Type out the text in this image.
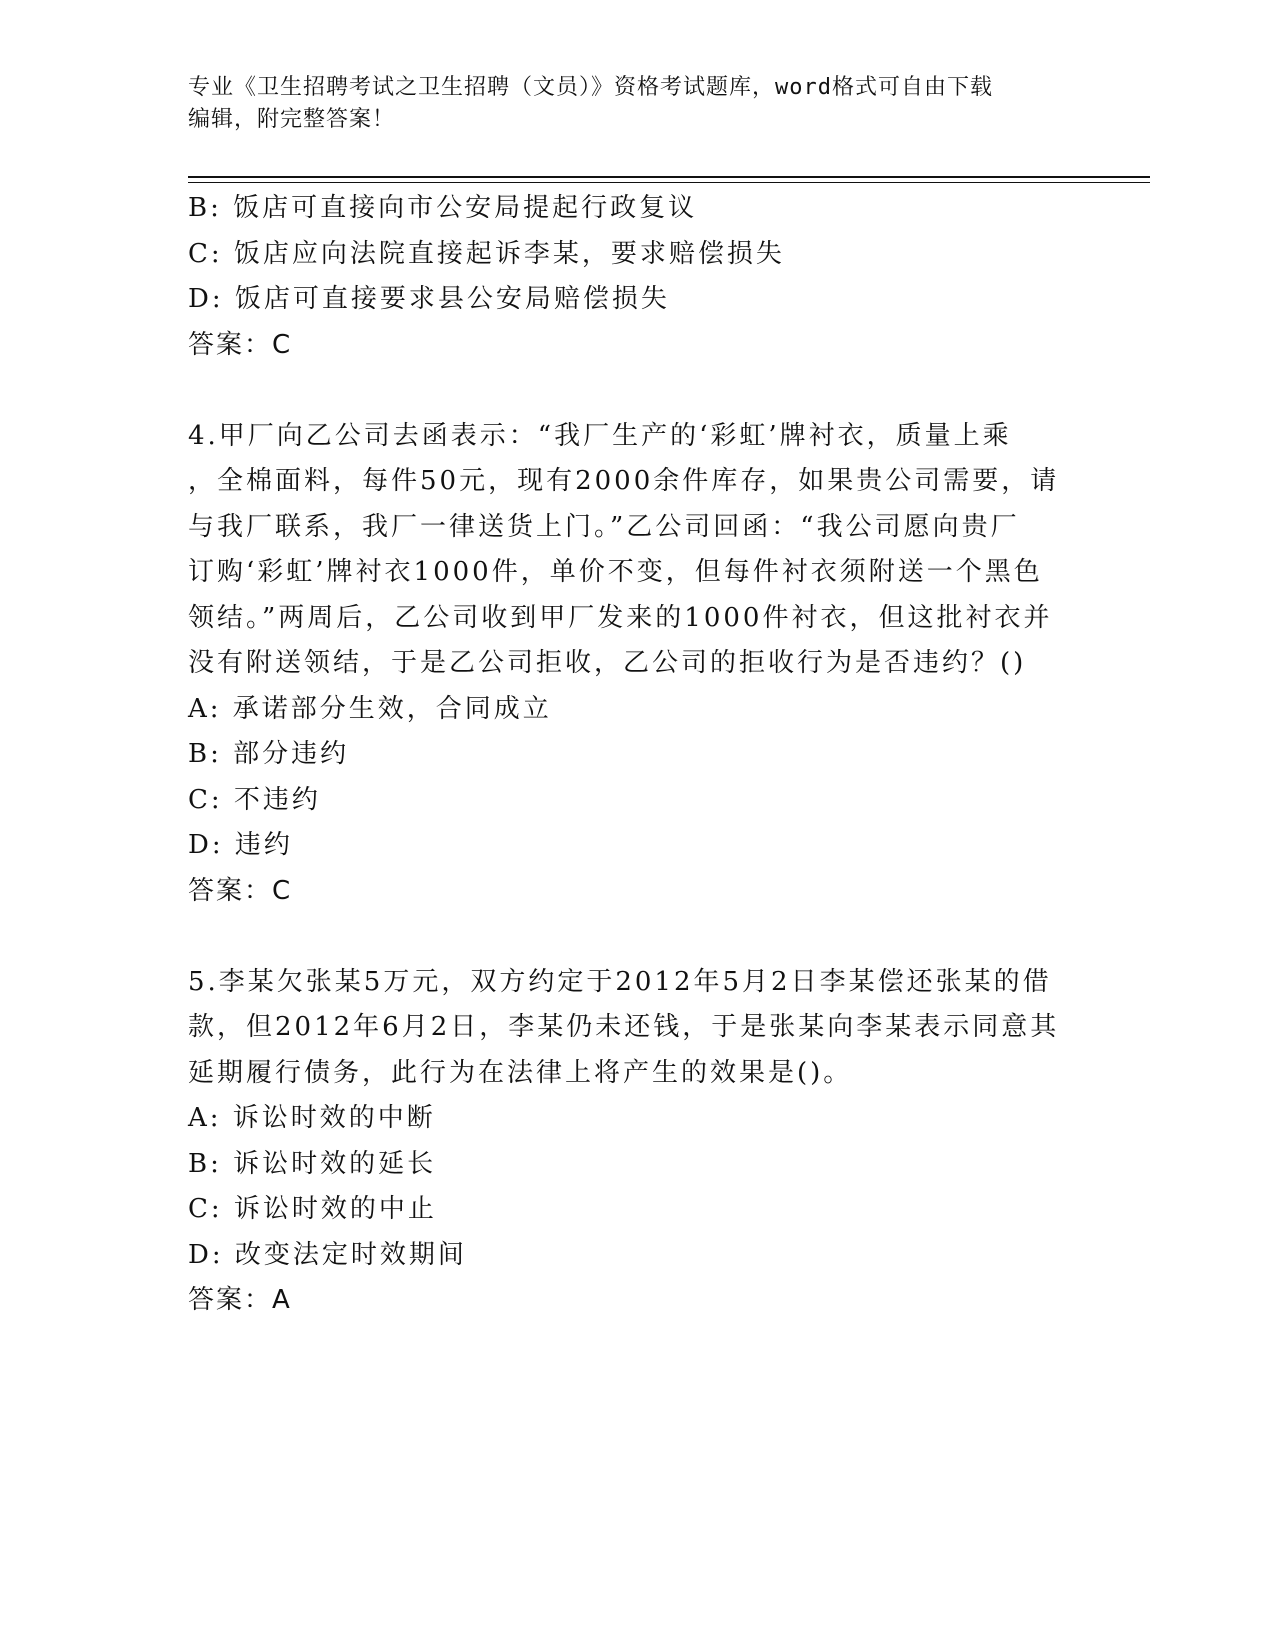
专业《卫生招聘考试之卫生招聘（文员）》资格考试题库，word格式可自由下载
编辑，附完整答案！
B: 饭店可直接向市公安局提起行政复议
C: 饭店应向法院直接起诉李某，要求赔偿损失
D: 饭店可直接要求县公安局赔偿损失
答案：C
4.甲厂向乙公司去函表示：“我厂生产的‘彩虹’牌衬衣，质量上乘
，全棉面料，每件50元，现有2000余件库存，如果贵公司需要，请
与我厂联系，我厂一律送货上门。”乙公司回函：“我公司愿向贵厂
订购‘彩虹’牌衬衣1000件，单价不变，但每件衬衣须附送一个黑色
领结。”两周后，乙公司收到甲厂发来的1000件衬衣，但这批衬衣并
没有附送领结，于是乙公司拒收，乙公司的拒收行为是否违约？()
A: 承诺部分生效，合同成立
B: 部分违约
C: 不违约
D: 违约
答案：C
5.李某欠张某5万元，双方约定于2012年5月2日李某偿还张某的借
款，但2012年6月2日，李某仍未还钱，于是张某向李某表示同意其
延期履行债务，此行为在法律上将产生的效果是()。
A: 诉讼时效的中断
B: 诉讼时效的延长
C: 诉讼时效的中止
D: 改变法定时效期间
答案：A
